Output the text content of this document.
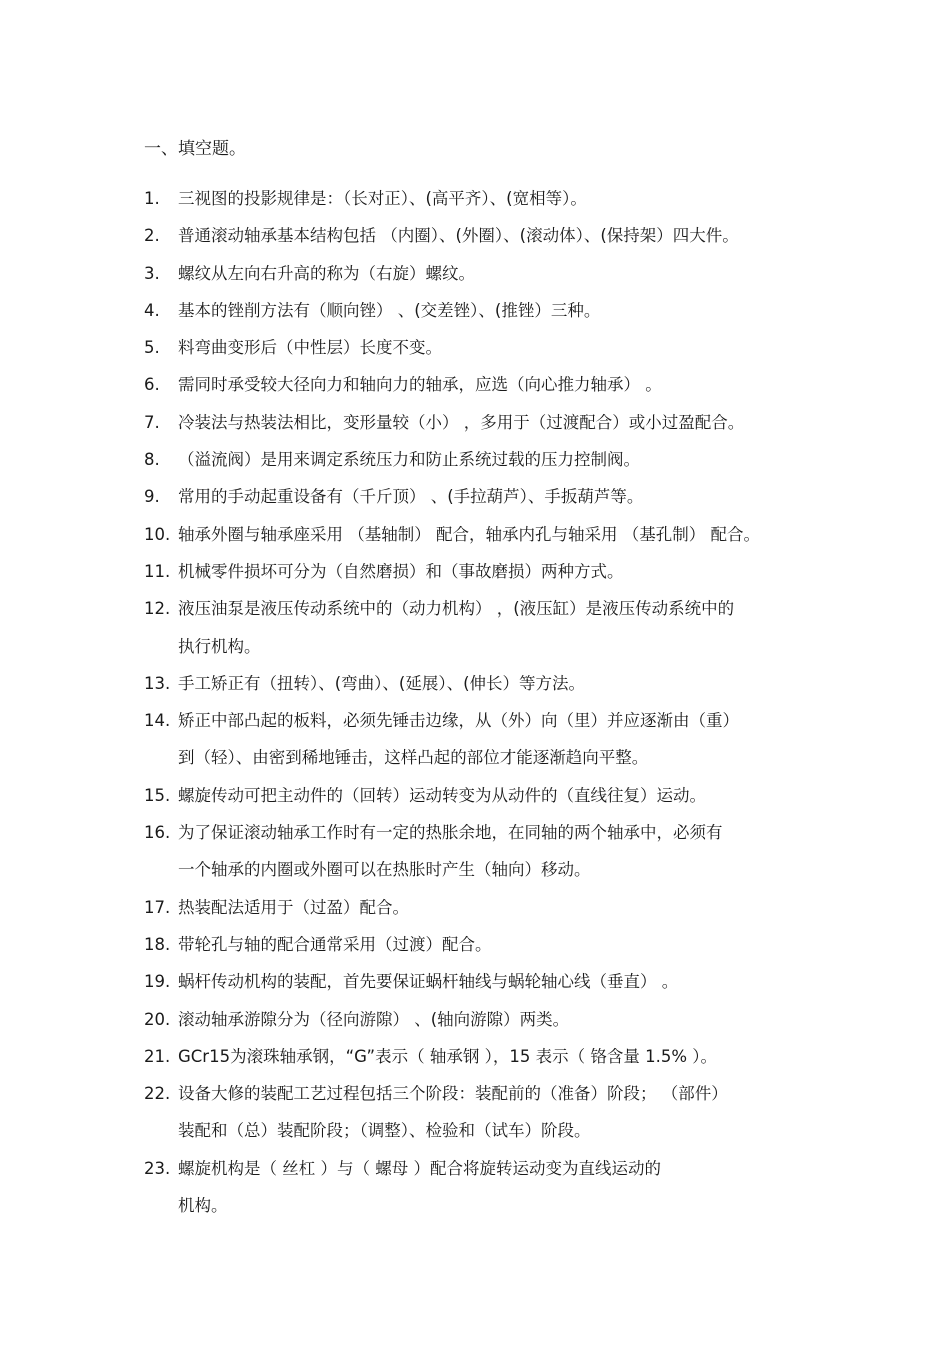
一、填空题。
1. 三视图的投影规律是：（长对正）、(高平齐）、(宽相等）。
2. 普通滚动轴承基本结构包括 （内圈）、(外圈）、(滚动体）、(保持架）四大件。
3. 螺纹从左向右升高的称为（右旋）螺纹。
4. 基本的锉削方法有（顺向锉） 、(交差锉）、(推锉）三种。
5. 料弯曲变形后（中性层）长度不变。
6. 需同时承受较大径向力和轴向力的轴承，应选（向心推力轴承） 。
7. 冷装法与热装法相比，变形量较（小） ，多用于（过渡配合）或小过盈配合。
8. （溢流阀）是用来调定系统压力和防止系统过载的压力控制阀。
9. 常用的手动起重设备有（千斤顶） 、(手拉葫芦）、手扳葫芦等。
10. 轴承外圈与轴承座采用 （基轴制） 配合，轴承内孔与轴采用 （基孔制） 配合。
11. 机械零件损坏可分为（自然磨损）和（事故磨损）两种方式。
12. 液压油泵是液压传动系统中的（动力机构） ，(液压缸）是液压传动系统中的
执行机构。
13. 手工矫正有（扭转）、(弯曲）、(延展）、(伸长）等方法。
14. 矫正中部凸起的板料，必须先锤击边缘，从（外）向（里）并应逐渐由（重）
到（轻）、由密到稀地锤击，这样凸起的部位才能逐渐趋向平整。
15. 螺旋传动可把主动件的（回转）运动转变为从动件的（直线往复）运动。
16. 为了保证滚动轴承工作时有一定的热胀余地，在同轴的两个轴承中，必须有
一个轴承的内圈或外圈可以在热胀时产生（轴向）移动。
17. 热装配法适用于（过盈）配合。
18. 带轮孔与轴的配合通常采用（过渡）配合。
19. 蜗杆传动机构的装配，首先要保证蜗杆轴线与蜗轮轴心线（垂直） 。
20. 滚动轴承游隙分为（径向游隙） 、(轴向游隙）两类。
21. GCr15为滚珠轴承钢，“G”表示（ 轴承钢 ），15 表示（ 铬含量 1.5% ）。
22. 设备大修的装配工艺过程包括三个阶段：装配前的（准备）阶段； （部件）
装配和（总）装配阶段；（调整）、检验和（试车）阶段。
23. 螺旋机构是（ 丝杠 ）与（ 螺母 ）配合将旋转运动变为直线运动的
机构。
